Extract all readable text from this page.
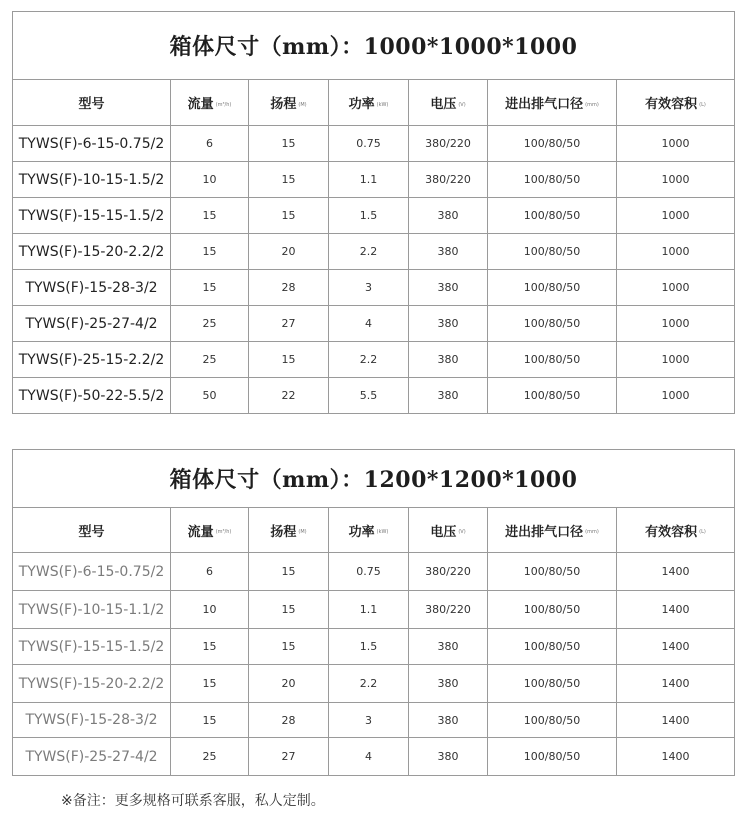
箱体尺寸（mm）：1000*1000*1000						
型号	流量 (m³/h)	扬程 (M)	功率 (kW)	电压 (V)	进出排气口径 (mm)	有效容积 (L)
TYWS(F)-6-15-0.75/2	6	15	0.75	380/220	100/80/50	1000
TYWS(F)-10-15-1.5/2	10	15	1.1	380/220	100/80/50	1000
TYWS(F)-15-15-1.5/2	15	15	1.5	380	100/80/50	1000
TYWS(F)-15-20-2.2/2	15	20	2.2	380	100/80/50	1000
TYWS(F)-15-28-3/2	15	28	3	380	100/80/50	1000
TYWS(F)-25-27-4/2	25	27	4	380	100/80/50	1000
TYWS(F)-25-15-2.2/2	25	15	2.2	380	100/80/50	1000
TYWS(F)-50-22-5.5/2	50	22	5.5	380	100/80/50	1000
箱体尺寸（mm）：1200*1200*1000						
型号	流量 (m³/h)	扬程 (M)	功率 (kW)	电压 (V)	进出排气口径 (mm)	有效容积 (L)
TYWS(F)-6-15-0.75/2	6	15	0.75	380/220	100/80/50	1400
TYWS(F)-10-15-1.1/2	10	15	1.1	380/220	100/80/50	1400
TYWS(F)-15-15-1.5/2	15	15	1.5	380	100/80/50	1400
TYWS(F)-15-20-2.2/2	15	20	2.2	380	100/80/50	1400
TYWS(F)-15-28-3/2	15	28	3	380	100/80/50	1400
TYWS(F)-25-27-4/2	25	27	4	380	100/80/50	1400
※备注：更多规格可联系客服，私人定制。
